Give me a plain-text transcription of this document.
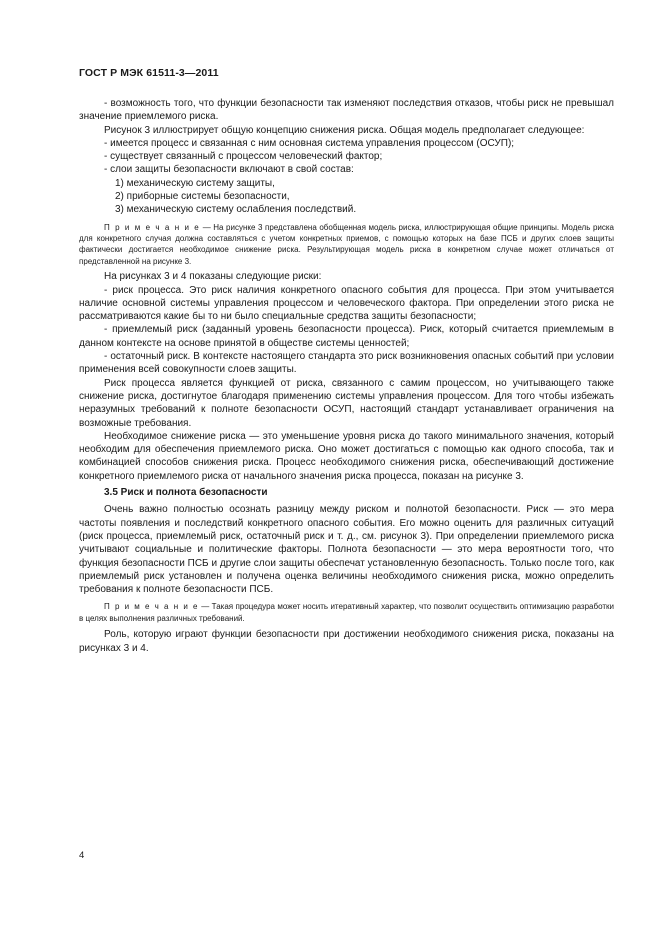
ГОСТ Р МЭК 61511-3—2011

- возможность того, что функции безопасности так изменяют последствия отказов, чтобы риск не превышал значение приемлемого риска.

Рисунок 3 иллюстрирует общую концепцию снижения риска. Общая модель предполагает следующее:

- имеется процесс и связанная с ним основная система управления процессом (ОСУП);

- существует связанный с процессом человеческий фактор;

- слои защиты безопасности включают в свой состав:

1) механическую систему защиты,

2) приборные системы безопасности,

3) механическую систему ослабления последствий.

П р и м е ч а н и е — На рисунке 3 представлена обобщенная модель риска, иллюстрирующая общие принципы. Модель риска для конкретного случая должна составляться с учетом конкретных приемов, с помощью которых на базе ПСБ и других слоев защиты фактически достигается необходимое снижение риска. Результирующая модель риска в конкретном случае может отличаться от представленной на рисунке 3.

На рисунках 3 и 4 показаны следующие риски:

- риск процесса. Это риск наличия конкретного опасного события для процесса. При этом учитывается наличие основной системы управления процессом и человеческого фактора. При определении этого риска не рассматриваются какие бы то ни было специальные средства защиты безопасности;

- приемлемый риск (заданный уровень безопасности процесса). Риск, который считается приемлемым в данном контексте на основе принятой в обществе системы ценностей;

- остаточный риск. В контексте настоящего стандарта это риск возникновения опасных событий при условии применения всей совокупности слоев защиты.

Риск процесса является функцией от риска, связанного с самим процессом, но учитывающего также снижение риска, достигнутое благодаря применению системы управления процессом. Для того чтобы избежать неразумных требований к полноте безопасности ОСУП, настоящий стандарт устанавливает ограничения на возможные требования.

Необходимое снижение риска — это уменьшение уровня риска до такого минимального значения, который необходим для обеспечения приемлемого риска. Оно может достигаться с помощью как одного способа, так и комбинацией способов снижения риска. Процесс необходимого снижения риска, обеспечивающий достижение конкретного приемлемого риска от начального значения риска процесса, показан на рисунке 3.

3.5 Риск и полнота безопасности

Очень важно полностью осознать разницу между риском и полнотой безопасности. Риск — это мера частоты появления и последствий конкретного опасного события. Его можно оценить для различных ситуаций (риск процесса, приемлемый риск, остаточный риск и т. д., см. рисунок 3). При определении приемлемого риска учитывают социальные и политические факторы. Полнота безопасности — это мера вероятности того, что функция безопасности ПСБ и другие слои защиты обеспечат установленную безопасность. Только после того, как приемлемый риск установлен и получена оценка величины необходимого снижения риска, можно определить требования к полноте безопасности ПСБ.

П р и м е ч а н и е — Такая процедура может носить итеративный характер, что позволит осуществить оптимизацию разработки в целях выполнения различных требований.

Роль, которую играют функции безопасности при достижении необходимого снижения риска, показаны на рисунках 3 и 4.

4
